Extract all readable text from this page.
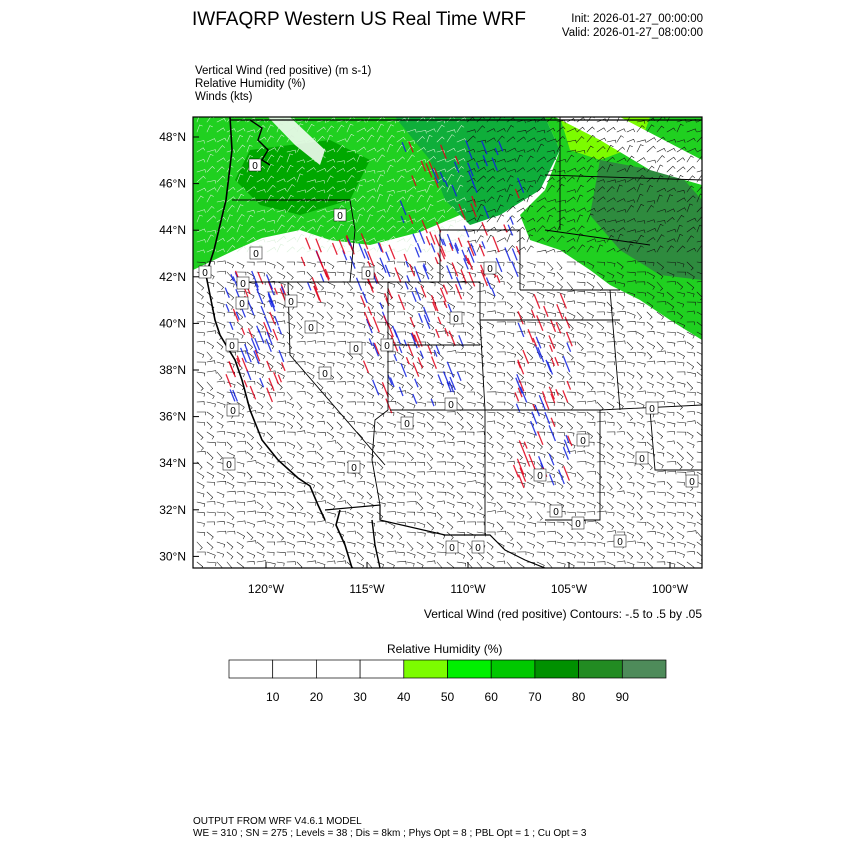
IWFAQRP Western US Real Time WRF	Init: 2026-01-27_00:00:00
Valid: 2026-01-27_08:00:00
Vertical Wind (red positive) (m s-1)
Relative Humidity (%)
Winds (kts)
0
0
0
0	0
0
0
0	0
0
0
0
0	0
0
0
0	0
0
0
0
0
0
0
0
0
0 0
0
0
48°N
46°N
44°N
42°N
40°N
38°N
36°N
34°N
32°N
30°N
120°W	115°W	110°W	105°W	100°W
10	20	30	40	50	60	70	80	90
Vertical Wind (red positive) Contours: -.5 to .5 by .05
Relative Humidity (%)
OUTPUT FROM WRF V4.6.1 MODEL
WE = 310 ; SN = 275 ; Levels = 38 ; Dis = 8km ; Phys Opt = 8 ; PBL Opt = 1 ; Cu Opt = 3
